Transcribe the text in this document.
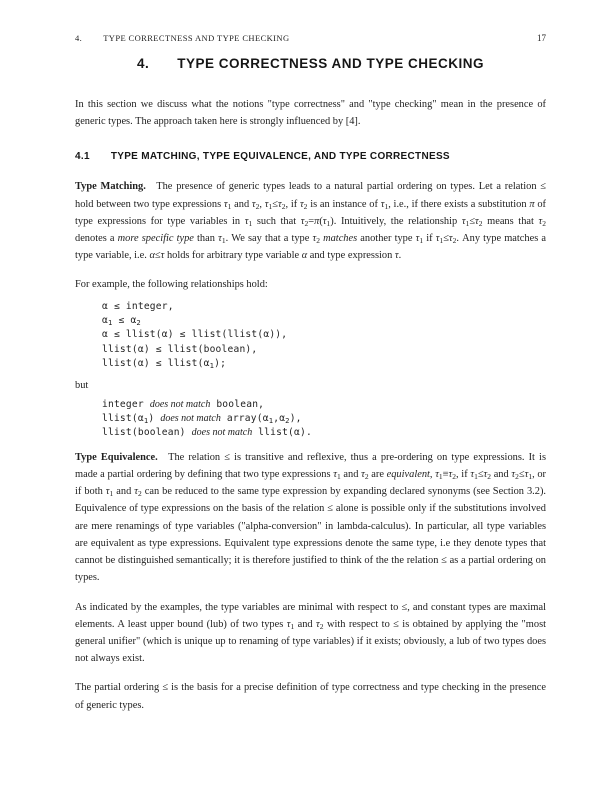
4. TYPE CORRECTNESS AND TYPE CHECKING	17
4. TYPE CORRECTNESS AND TYPE CHECKING

In this section we discuss what the notions "type correctness" and "type checking" mean in the presence of generic types. The approach taken here is strongly influenced by [4].

4.1 TYPE MATCHING, TYPE EQUIVALENCE, AND TYPE CORRECTNESS

Type Matching. The presence of generic types leads to a natural partial ordering on types. Let a relation ≤ hold between two type expressions $\tau_1$ and $\tau_2$, $\tau_1\le\tau_2$, if $\tau_2$ is an instance of $\tau_1$, i.e., if there exists a substitution π of type expressions for type variables in $\tau_1$ such that $\tau_2=\pi(\tau_1)$. Intuitively, the relationship $\tau_1\le\tau_2$ means that $\tau_2$ denotes a more specific type than $\tau_1$. We say that a type $\tau_2$ matches another type $\tau_1$ if $\tau_1\le\tau_2$. Any type matches a type variable, i.e. α≤τ holds for arbitrary type variable α and type expression τ.

For example, the following relationships hold:

α ≤ integer,
$\alpha_1 \le \alpha_2$
α ≤ llist(α) ≤ llist(llist(α)),
llist(α) ≤ llist(boolean),
llist(α) ≤ $llist(\alpha_1)$;

but

integer does not match boolean,
$llist(\alpha_1)$ does not match $array(\alpha_1,\alpha_2)$,
llist(boolean) does not match llist(α).

Type Equivalence. The relation ≤ is transitive and reflexive, thus a pre-ordering on type expressions. It is made a partial ordering by defining that two type expressions $\tau_1$ and $\tau_2$ are equivalent, $\tau_1\equiv\tau_2$, if $\tau_1\le\tau_2$ and $\tau_2\le\tau_1$, or if both $\tau_1$ and $\tau_2$ can be reduced to the same type expression by expanding declared synonyms (see Section 3.2). Equivalence of type expressions on the basis of the relation ≤ alone is possible only if the substitutions involved are mere renamings of type variables ("alpha-conversion" in lambda-calculus). In particular, all type variables are equivalent as type expressions. Equivalent type expressions denote the same type, i.e they denote types that cannot be distinguished semantically; it is therefore justified to think of the the relation ≤ as a partial ordering on types.

As indicated by the examples, the type variables are minimal with respect to ≤, and constant types are maximal elements. A least upper bound (lub) of two types $\tau_1$ and $\tau_2$ with respect to ≤ is obtained by applying the "most general unifier" (which is unique up to renaming of type variables) if it exists; obviously, a lub of two types does not always exist.

The partial ordering ≤ is the basis for a precise definition of type correctness and type checking in the presence of generic types.
